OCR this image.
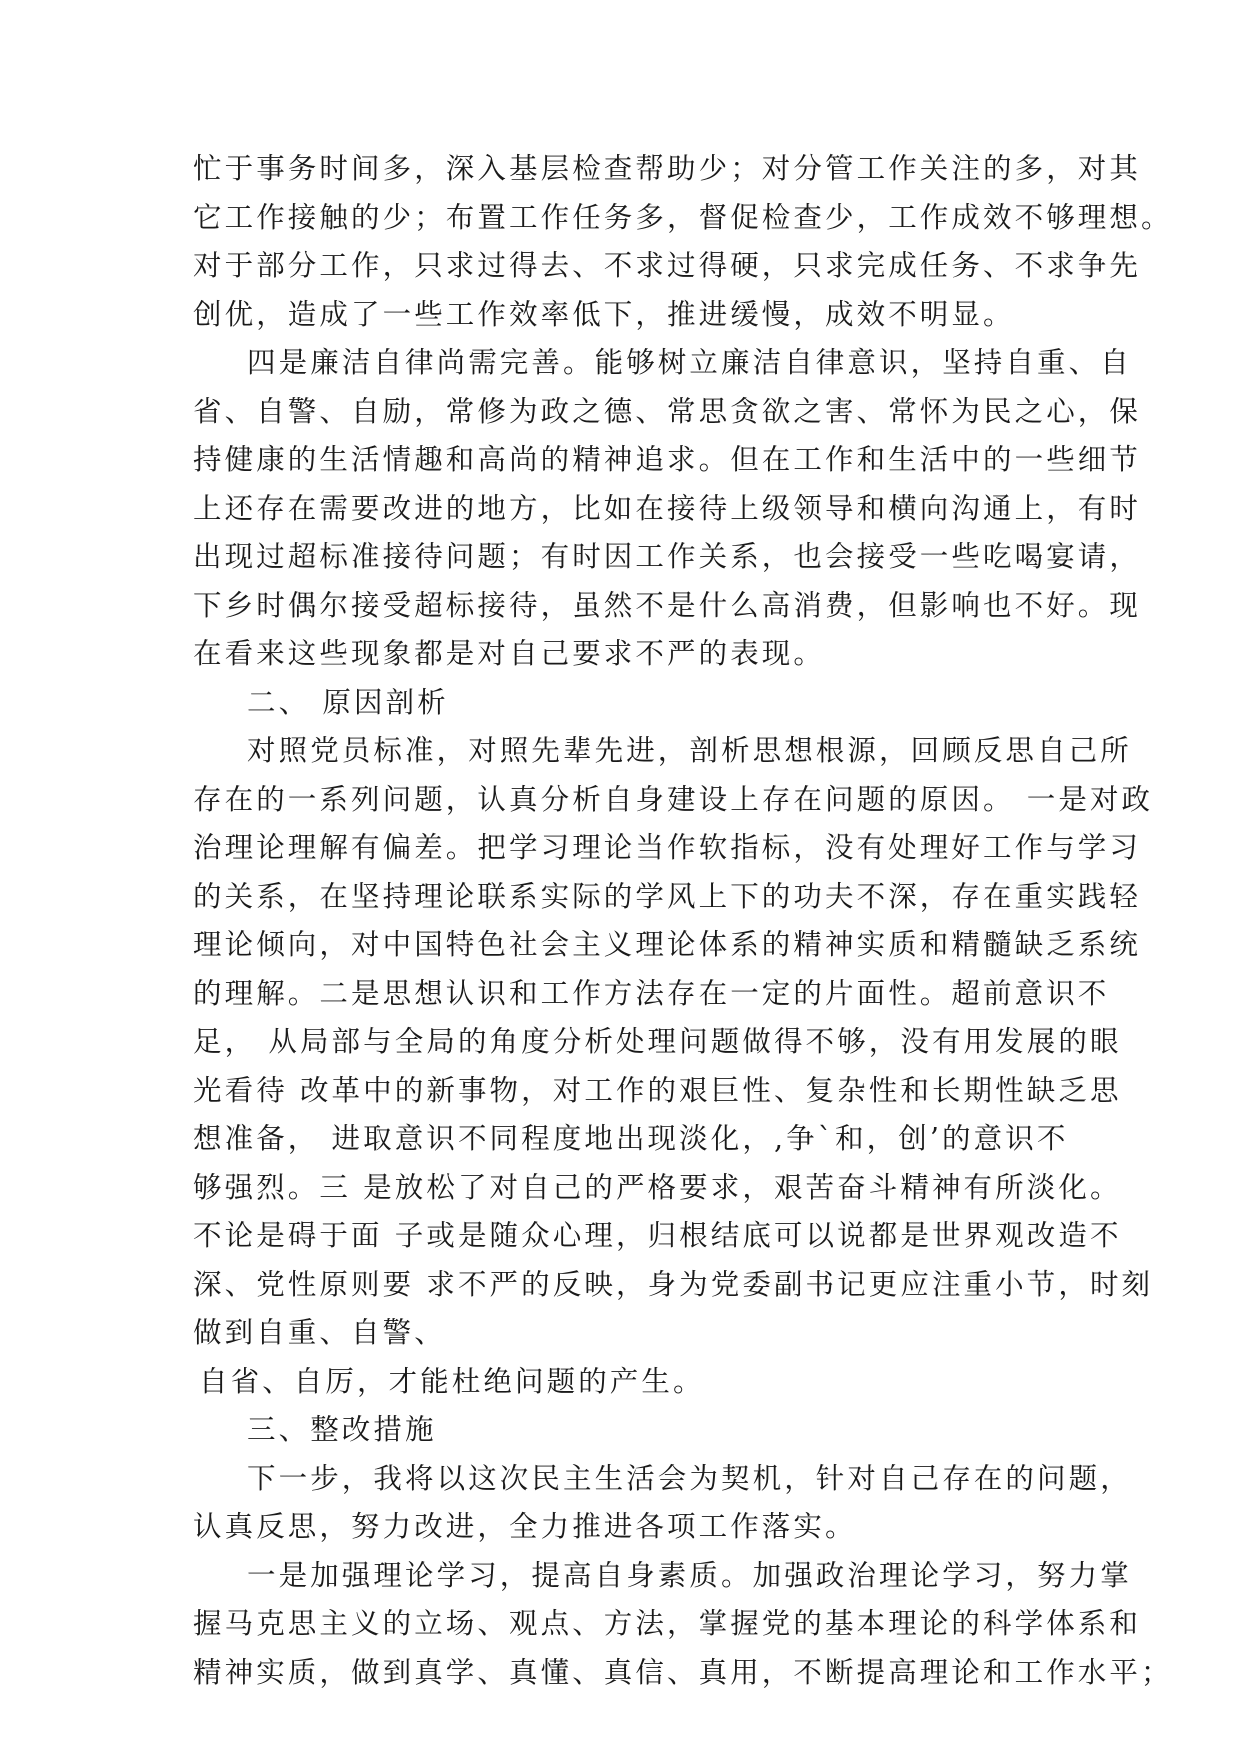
忙于事务时间多，深入基层检查帮助少；对分管工作关注的多，对其
它工作接触的少；布置工作任务多，督促检查少，工作成效不够理想。
对于部分工作，只求过得去、不求过得硬，只求完成任务、不求争先
创优，造成了一些工作效率低下，推进缓慢，成效不明显。
四是廉洁自律尚需完善。能够树立廉洁自律意识，坚持自重、自
省、自警、自励，常修为政之德、常思贪欲之害、常怀为民之心，保
持健康的生活情趣和高尚的精神追求。但在工作和生活中的一些细节
上还存在需要改进的地方，比如在接待上级领导和横向沟通上，有时
出现过超标准接待问题；有时因工作关系，也会接受一些吃喝宴请，
下乡时偶尔接受超标接待，虽然不是什么高消费，但影响也不好。现
在看来这些现象都是对自己要求不严的表现。
二、 原因剖析
对照党员标准，对照先辈先进，剖析思想根源，回顾反思自己所
存在的一系列问题，认真分析自身建设上存在问题的原因。 一是对政
治理论理解有偏差。把学习理论当作软指标，没有处理好工作与学习
的关系，在坚持理论联系实际的学风上下的功夫不深，存在重实践轻
理论倾向，对中国特色社会主义理论体系的精神实质和精髓缺乏系统
的理解。二是思想认识和工作方法存在一定的片面性。超前意识不
足， 从局部与全局的角度分析处理问题做得不够，没有用发展的眼
光看待 改革中的新事物，对工作的艰巨性、复杂性和长期性缺乏思
想准备， 进取意识不同程度地出现淡化，,争`和，创’的意识不
够强烈。三 是放松了对自己的严格要求，艰苦奋斗精神有所淡化。
不论是碍于面 子或是随众心理，归根结底可以说都是世界观改造不
深、党性原则要 求不严的反映，身为党委副书记更应注重小节，时刻
做到自重、自警、
自省、自厉，才能杜绝问题的产生。
三、整改措施
下一步，我将以这次民主生活会为契机，针对自己存在的问题，
认真反思，努力改进，全力推进各项工作落实。
一是加强理论学习，提高自身素质。加强政治理论学习，努力掌
握马克思主义的立场、观点、方法，掌握党的基本理论的科学体系和
精神实质，做到真学、真懂、真信、真用，不断提高理论和工作水平；
